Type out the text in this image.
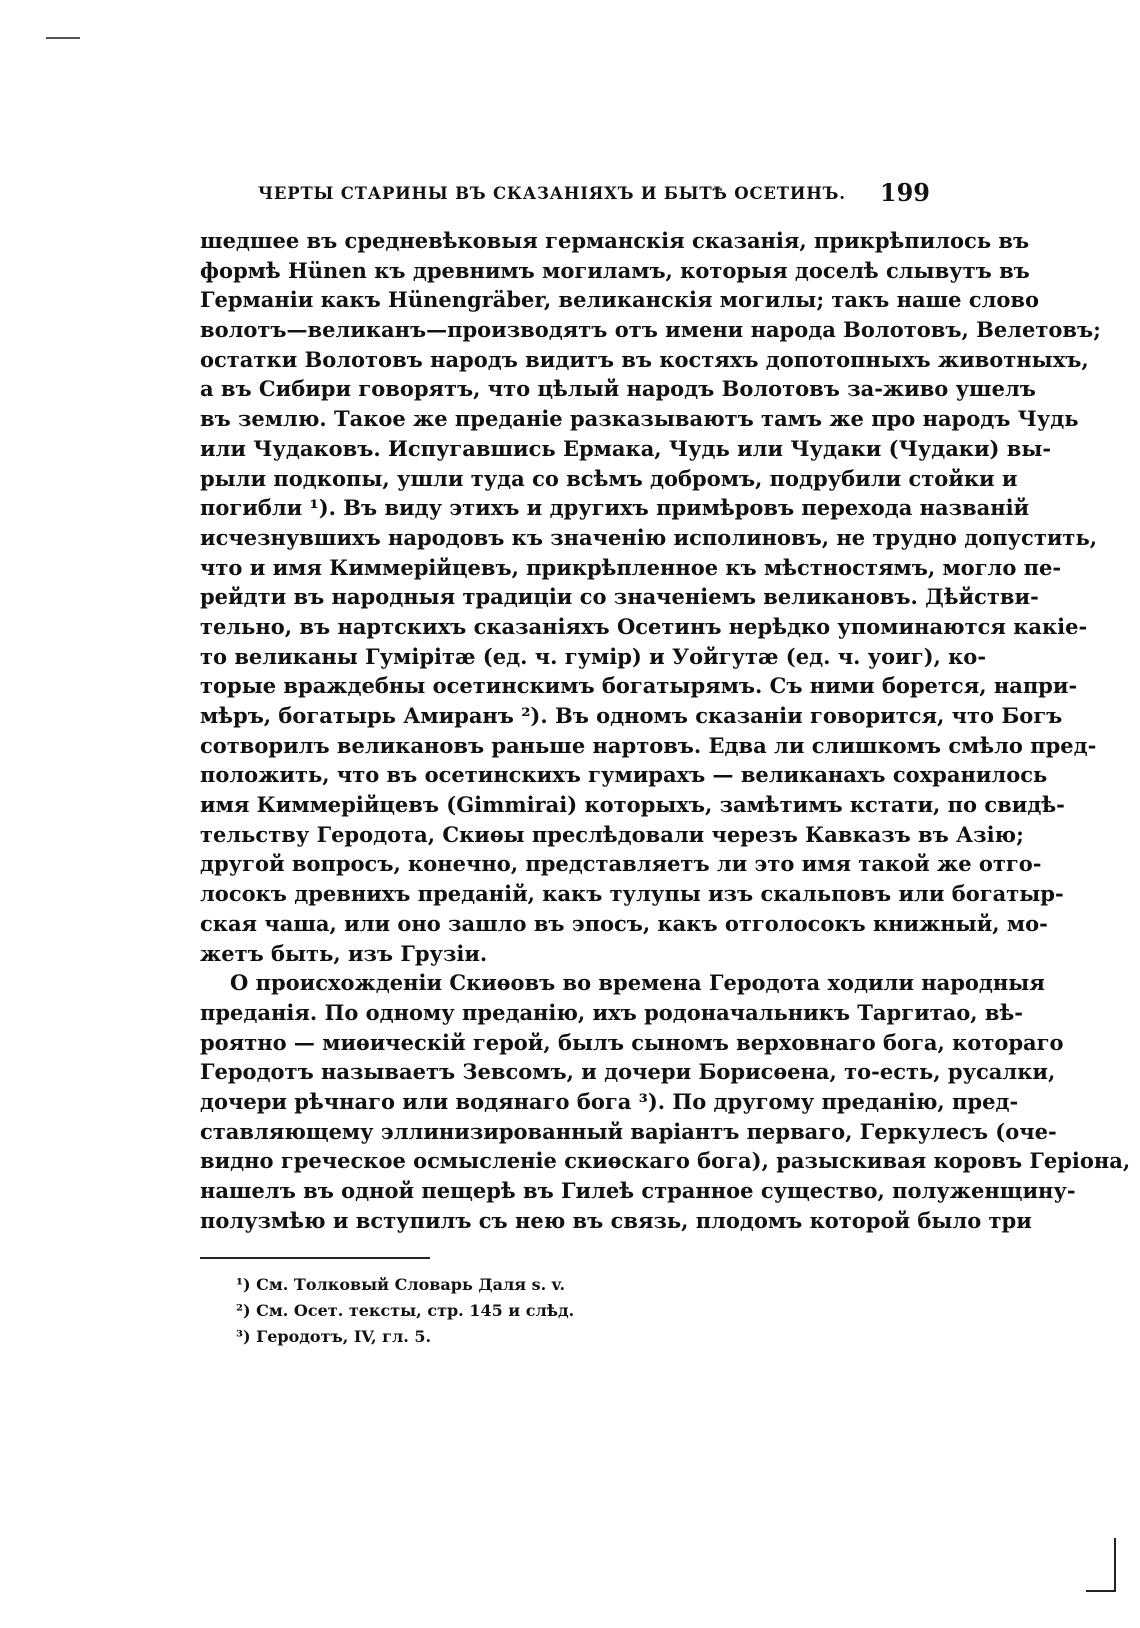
ЧЕРТЫ СТАРИНЫ ВЪ СКАЗАНІЯХЪ И БЫТѢ ОСЕТИНЪ. 199
шедшее въ средневѣковыя германскія сказанія, прикрѣпилось въ
формѣ Hünen къ древнимъ могиламъ, которыя доселѣ слывутъ въ
Германіи какъ Hünengräber, великанскія могилы; такъ наше слово
волотъ—великанъ—производятъ отъ имени народа Волотовъ, Велетовъ;
остатки Волотовъ народъ видитъ въ костяхъ допотопныхъ животныхъ,
а въ Сибири говорятъ, что цѣлый народъ Волотовъ за-живо ушелъ
въ землю. Такое же преданіе разказываютъ тамъ же про народъ Чудь
или Чудаковъ. Испугавшись Ермака, Чудь или Чудаки (Чудаки) вы-
рыли подкопы, ушли туда со всѣмъ добромъ, подрубили стойки и
погибли ¹). Въ виду этихъ и другихъ примѣровъ перехода названій
исчезнувшихъ народовъ къ значенію исполиновъ, не трудно допустить,
что и имя Киммерійцевъ, прикрѣпленное къ мѣстностямъ, могло пе-
рейдти въ народныя традиціи со значеніемъ великановъ. Дѣйстви-
тельно, въ нартскихъ сказаніяхъ Осетинъ нерѣдко упоминаются какіе-
то великаны Гумірітӕ (ед. ч. гумір) и Уойгутӕ (ед. ч. уоиг), ко-
торые враждебны осетинскимъ богатырямъ. Съ ними борется, напри-
мѣръ, богатырь Амиранъ ²). Въ одномъ сказаніи говорится, что Богъ
сотворилъ великановъ раньше нартовъ. Едва ли слишкомъ смѣло пред-
положить, что въ осетинскихъ гумирахъ — великанахъ сохранилось
имя Киммерійцевъ (Gimmirai) которыхъ, замѣтимъ кстати, по свидѣ-
тельству Геродота, Скиѳы преслѣдовали черезъ Кавказъ въ Азію;
другой вопросъ, конечно, представляетъ ли это имя такой же отго-
лосокъ древнихъ преданій, какъ тулупы изъ скальповъ или богатыр-
ская чаша, или оно зашло въ эпосъ, какъ отголосокъ книжный, мо-
жетъ быть, изъ Грузіи.
О происхожденіи Скиѳовъ во времена Геродота ходили народныя
преданія. По одному преданію, ихъ родоначальникъ Таргитао, вѣ-
роятно — миѳическій герой, былъ сыномъ верховнаго бога, котораго
Геродотъ называетъ Зевсомъ, и дочери Борисѳена, то-есть, русалки,
дочери рѣчнаго или водянаго бога ³). По другому преданію, пред-
ставляющему эллинизированный варіантъ перваго, Геркулесъ (оче-
видно греческое осмысленіе скиѳскаго бога), разыскивая коровъ Геріона,
нашелъ въ одной пещерѣ въ Гилеѣ странное существо, полуженщину-
полузмѣю и вступилъ съ нею въ связь, плодомъ которой было три
¹) См. Толковый Словарь Даля s. v.
²) См. Осет. тексты, стр. 145 и слѣд.
³) Геродотъ, IV, гл. 5.
